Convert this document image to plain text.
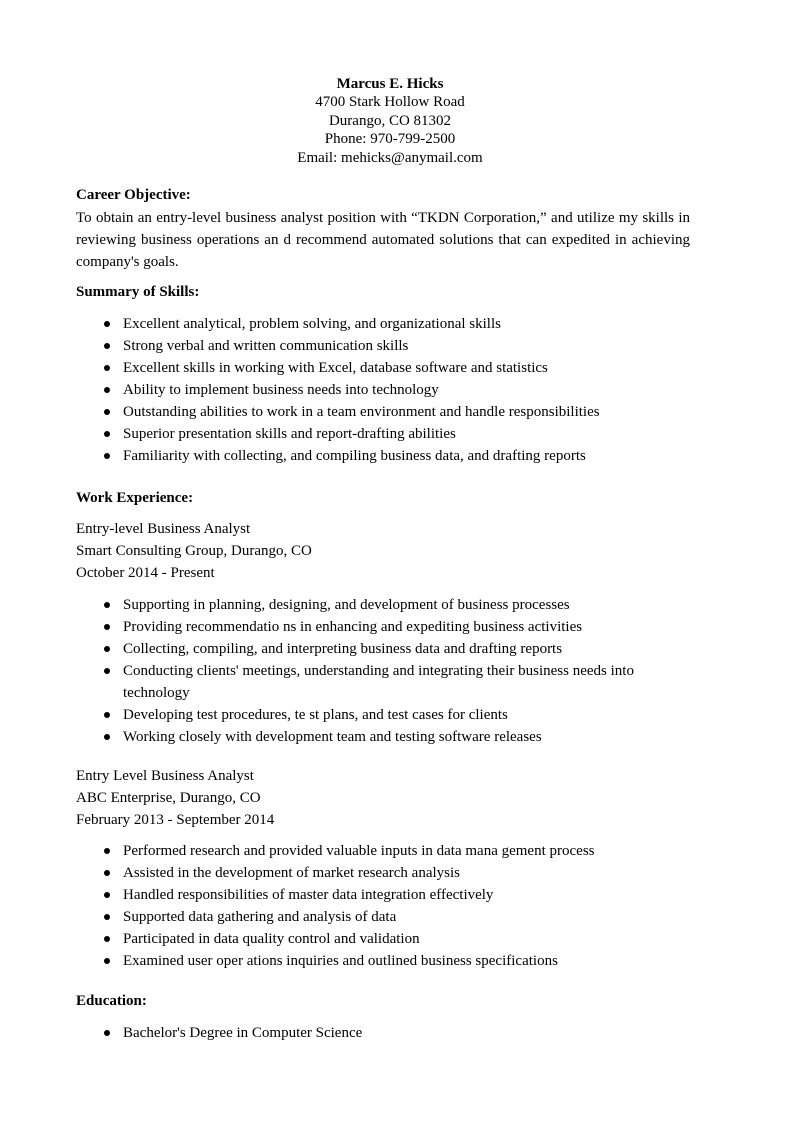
Marcus E. Hicks
4700 Stark Hollow Road
Durango, CO 81302
Phone: 970-799-2500
Email: mehicks@anymail.com
Career Objective:
To obtain an entry-level business analyst position with “TKDN Corporation,” and utilize my skills in reviewing business operations an d recommend automated solutions that can expedited in achieving company's goals.
Summary of Skills:
Excellent analytical, problem solving, and organizational skills
Strong verbal and written communication skills
Excellent skills in working with Excel, database software and statistics
Ability to implement business needs into technology
Outstanding abilities to work in a team environment and handle responsibilities
Superior presentation skills and report-drafting abilities
Familiarity with collecting, and compiling business data, and drafting reports
Work Experience:
Entry-level Business Analyst
Smart Consulting Group, Durango, CO
October 2014 - Present
Supporting in planning, designing, and development of business processes
Providing recommendatio ns in enhancing and expediting business activities
Collecting, compiling, and interpreting business data and drafting reports
Conducting clients' meetings, understanding and integrating their business needs into technology
Developing test procedures, te st plans, and test cases for clients
Working closely with development team and testing software releases
Entry Level Business Analyst
ABC Enterprise, Durango, CO
February 2013 - September 2014
Performed research and provided valuable inputs in data mana gement process
Assisted in the development of market research analysis
Handled responsibilities of master data integration effectively
Supported data gathering and analysis of data
Participated in data quality control and validation
Examined user oper ations inquiries and outlined business specifications
Education:
Bachelor's Degree in Computer Science
